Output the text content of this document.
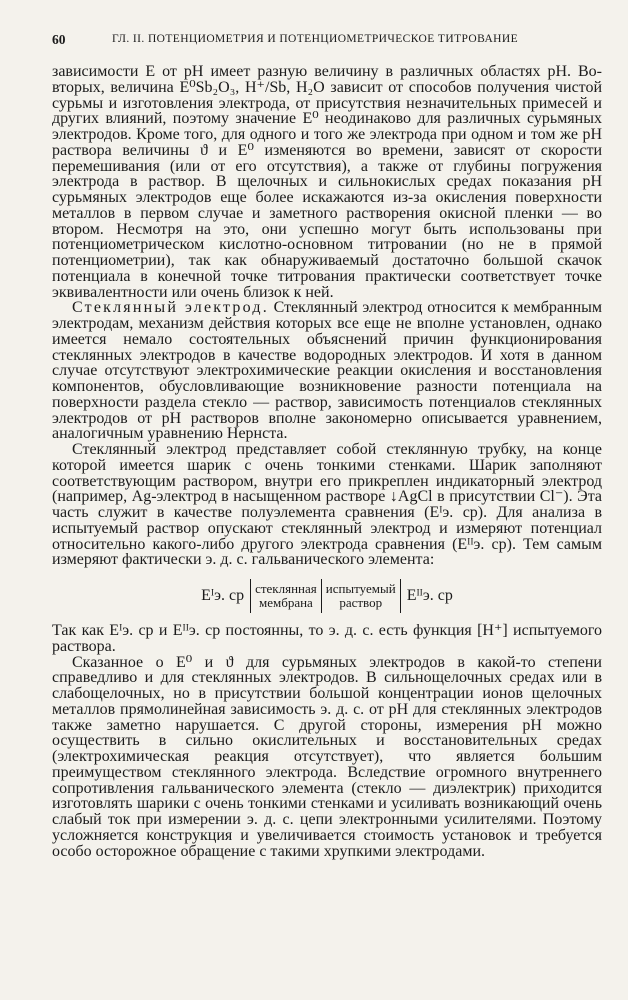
60	ГЛ. II. ПОТЕНЦИОМЕТРИЯ И ПОТЕНЦИОМЕТРИЧЕСКОЕ ТИТРОВАНИЕ

зависимости E от pH имеет разную величину в различных областях pH. Во-вторых, величина E⁰Sb₂O₃, H⁺/Sb, H₂O зависит от способов получения чистой сурьмы и изготовления электрода, от присутствия незначительных примесей и других влияний, поэтому значение E⁰ неодинаково для различных сурьмяных электродов. Кроме того, для одного и того же электрода при одном и том же pH раствора величины ϑ и E⁰ изменяются во времени, зависят от скорости перемешивания (или от его отсутствия), а также от глубины погружения электрода в раствор. В щелочных и сильнокислых средах показания pH сурьмяных электродов еще более искажаются из-за окисления поверхности металлов в первом случае и заметного растворения окисной пленки — во втором. Несмотря на это, они успешно могут быть использованы при потенциометрическом кислотно-основном титровании (но не в прямой потенциометрии), так как обнаруживаемый достаточно большой скачок потенциала в конечной точке титрования практически соответствует точке эквивалентности или очень близок к ней.

Стеклянный электрод. Стеклянный электрод относится к мембранным электродам, механизм действия которых все еще не вполне установлен, однако имеется немало состоятельных объяснений причин функционирования стеклянных электродов в качестве водородных электродов. И хотя в данном случае отсутствуют электрохимические реакции окисления и восстановления компонентов, обусловливающие возникновение разности потенциала на поверхности раздела стекло — раствор, зависимость потенциалов стеклянных электродов от pH растворов вполне закономерно описывается уравнением, аналогичным уравнению Нернста.

Стеклянный электрод представляет собой стеклянную трубку, на конце которой имеется шарик с очень тонкими стенками. Шарик заполняют соответствующим раствором, внутри его прикреплен индикаторный электрод (например, Ag-электрод в насыщенном растворе ↓AgCl в присутствии Cl⁻). Эта часть служит в качестве полуэлемента сравнения (Eᴵэ. ср). Для анализа в испытуемый раствор опускают стеклянный электрод и измеряют потенциал относительно какого-либо другого электрода сравнения (Eᴵᴵэ. ср). Тем самым измеряют фактически э. д. с. гальванического элемента:

Eᴵэ. ср стеклянная
мембрана
испытуемый
раствор	Eᴵᴵэ. ср

Так как Eᴵэ. ср и Eᴵᴵэ. ср постоянны, то э. д. с. есть функция [H⁺] испытуемого раствора.

Сказанное о E⁰ и ϑ для сурьмяных электродов в какой-то степени справедливо и для стеклянных электродов. В сильнощелочных средах или в слабощелочных, но в присутствии большой концентрации ионов щелочных металлов прямолинейная зависимость э. д. с. от pH для стеклянных электродов также заметно нарушается. С другой стороны, измерения pH можно осуществить в сильно окислительных и восстановительных средах (электрохимическая реакция отсутствует), что является большим преимуществом стеклянного электрода. Вследствие огромного внутреннего сопротивления гальванического элемента (стекло — диэлектрик) приходится изготовлять шарики с очень тонкими стенками и усиливать возникающий очень слабый ток при измерении э. д. с. цепи электронными усилителями. Поэтому усложняется конструкция и увеличивается стоимость установок и требуется особо осторожное обращение с такими хрупкими электродами.
